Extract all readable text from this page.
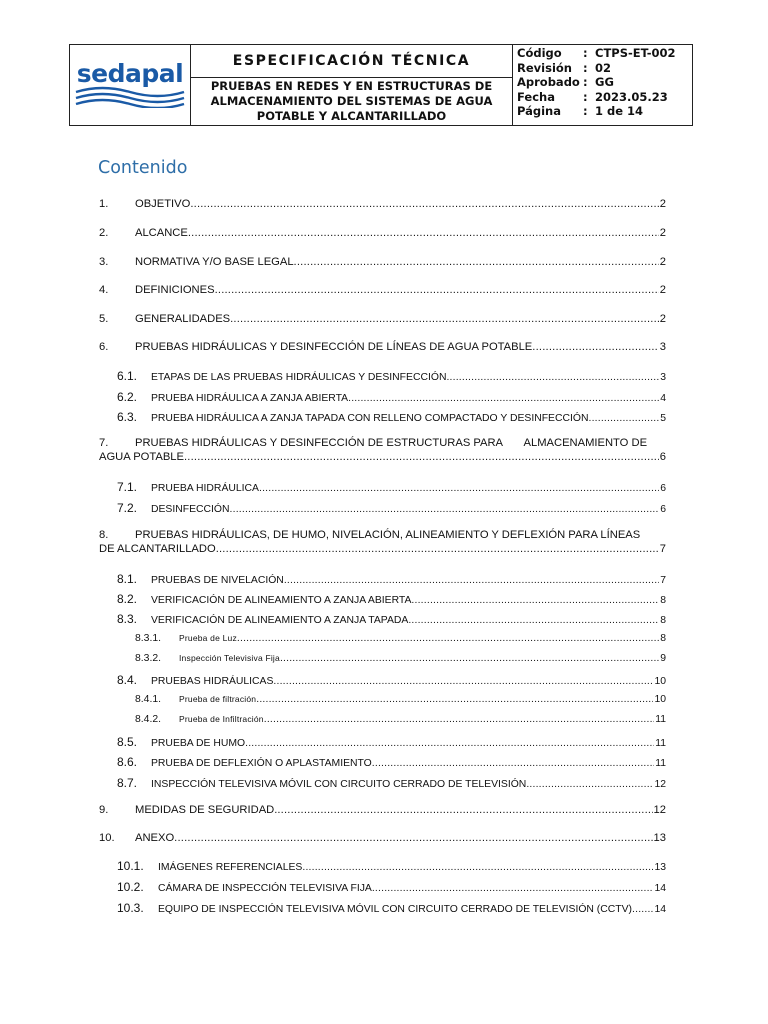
sedapal	ESPECIFICACIÓN TÉCNICA
PRUEBAS EN REDES Y EN ESTRUCTURAS DE ALMACENAMIENTO DEL SISTEMAS DE AGUA POTABLE Y ALCANTARILLADO
Código	: CTPS-ET-002
Revisión : 02
Aprobado : GG
Fecha	: 2023.05.23
Página	: 1 de 14
Contenido
1.	OBJETIVO .....	2
2.	ALCANCE .....	2
3.	NORMATIVA Y/O BASE LEGAL .....	2
4.	DEFINICIONES .....	2
5.	GENERALIDADES .....	2
6.	PRUEBAS HIDRÁULICAS Y DESINFECCIÓN DE LÍNEAS DE AGUA POTABLE .....	3
6.1.	ETAPAS DE LAS PRUEBAS HIDRÁULICAS Y DESINFECCIÓN .....	3
6.2.	PRUEBA HIDRÁULICA A ZANJA ABIERTA .....	4
6.3.	PRUEBA HIDRÁULICA A ZANJA TAPADA CON RELLENO COMPACTADO Y DESINFECCIÓN .....	5
7.	PRUEBAS HIDRÁULICAS Y DESINFECCIÓN DE ESTRUCTURAS PARA       ALMACENAMIENTO DE
AGUA POTABLE .....	6
7.1.	PRUEBA HIDRÁULICA .....	6
7.2.	DESINFECCIÓN .....	6
8.	PRUEBAS HIDRÁULICAS, DE HUMO, NIVELACIÓN, ALINEAMIENTO Y DEFLEXIÓN PARA LÍNEAS
DE ALCANTARILLADO .....	7
8.1.	PRUEBAS DE NIVELACIÓN .....	7
8.2.	VERIFICACIÓN DE ALINEAMIENTO A ZANJA ABIERTA .....	8
8.3.	VERIFICACIÓN DE ALINEAMIENTO A ZANJA TAPADA .....	8
8.3.1.	Prueba de Luz .....	8
8.3.2.	Inspección Televisiva Fija .....	9
8.4.	PRUEBAS HIDRÁULICAS .....	10
8.4.1.	Prueba de filtración .....	10
8.4.2.	Prueba de Infiltración .....	11
8.5.	PRUEBA DE HUMO .....	11
8.6.	PRUEBA DE DEFLEXIÓN O APLASTAMIENTO .....	11
8.7.	INSPECCIÓN TELEVISIVA MÓVIL CON CIRCUITO CERRADO DE TELEVISIÓN .....	12
9.	MEDIDAS DE SEGURIDAD. .....	12
10.	ANEXO .....	13
10.1.	IMÁGENES REFERENCIALES .....	13
10.2.	CÁMARA DE INSPECCIÓN TELEVISIVA FIJA .....	14
10.3.	EQUIPO DE INSPECCIÓN TELEVISIVA MÓVIL CON CIRCUITO CERRADO DE TELEVISIÓN (CCTV) ..... 14
